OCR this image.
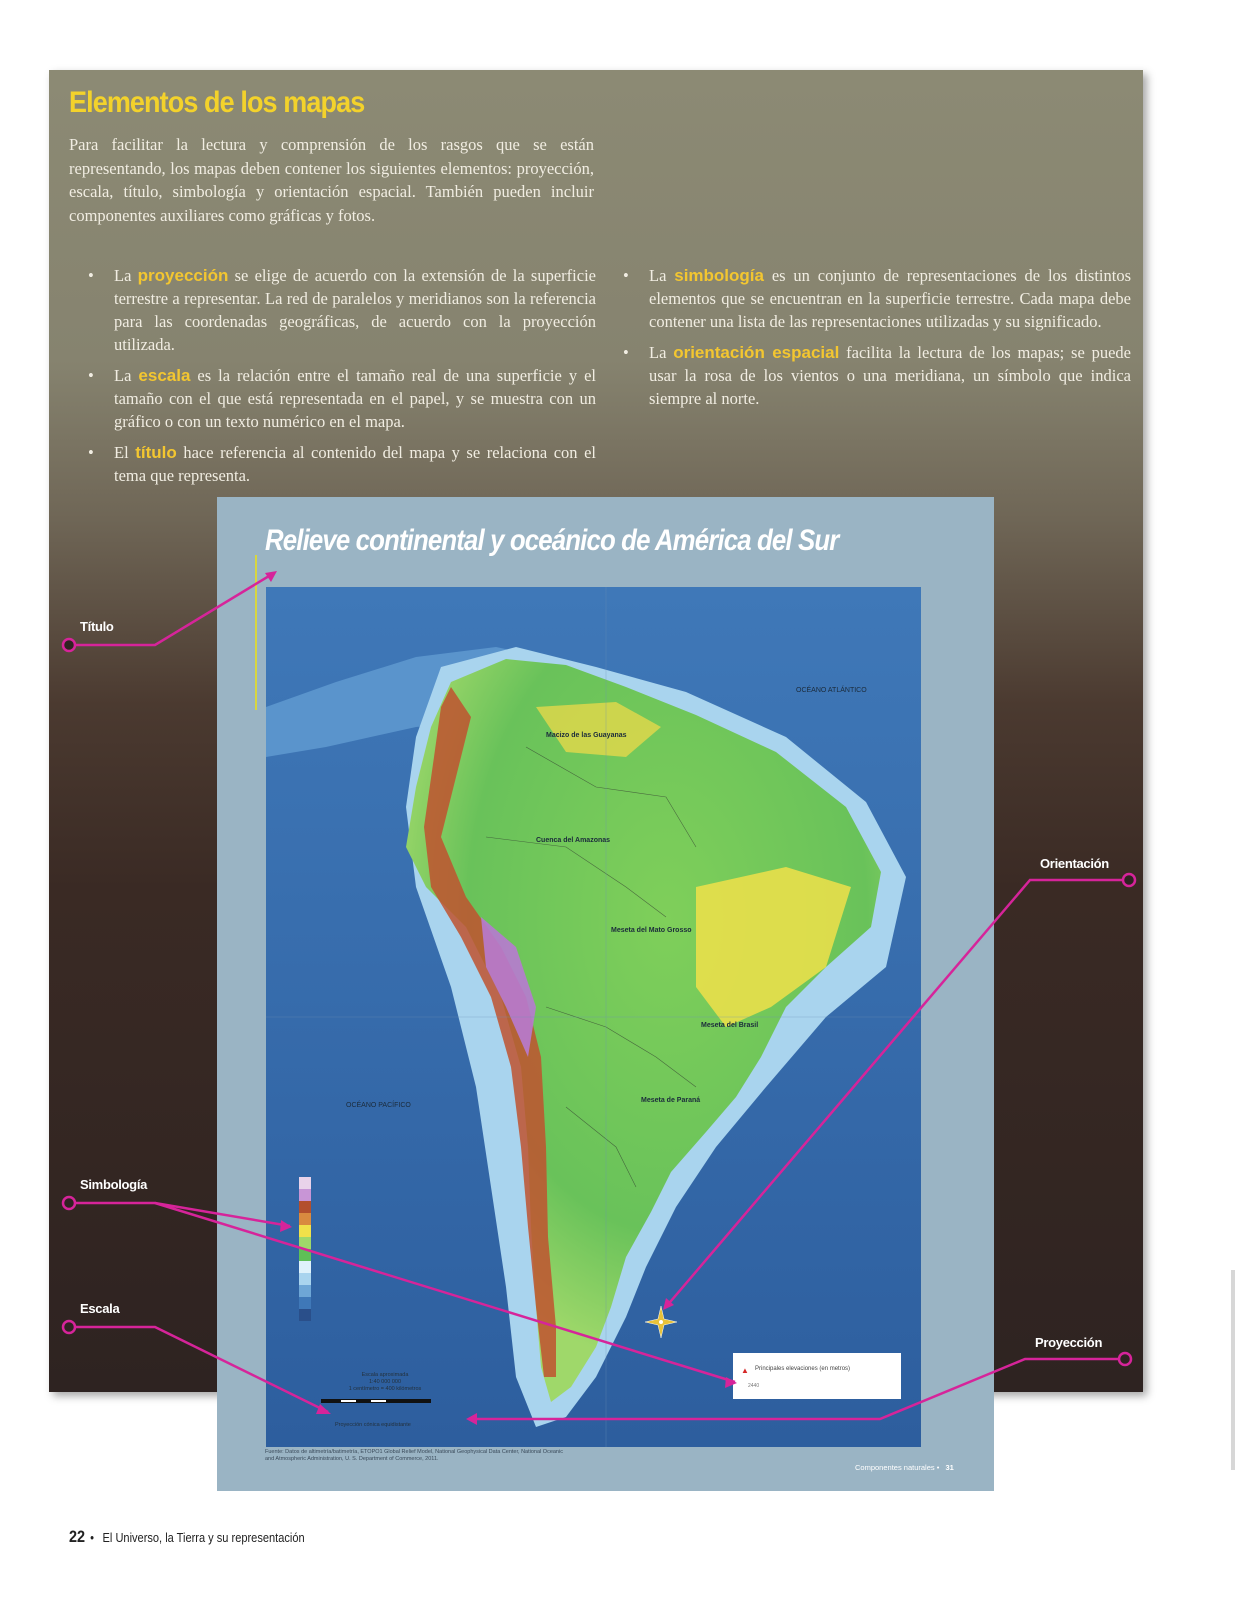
Elementos de los mapas

Para facilitar la lectura y comprensión de los rasgos que se están representando, los mapas deben contener los siguientes elementos: proyección, escala, título, simbología y orientación espacial. También pueden incluir componentes auxiliares como gráficas y fotos.

• La proyección se elige de acuerdo con la extensión de la superficie terrestre a representar. La red de paralelos y meridianos son la referencia para las coordenadas geográficas, de acuerdo con la proyección utilizada.
• La escala es la relación entre el tamaño real de una superficie y el tamaño con el que está representada en el papel, y se muestra con un gráfico o con un texto numérico en el mapa.
• El título hace referencia al contenido del mapa y se relaciona con el tema que representa.
• La simbología es un conjunto de representaciones de los distintos elementos que se encuentran en la superficie terrestre. Cada mapa debe contener una lista de las representaciones utilizadas y su significado.
• La orientación espacial facilita la lectura de los mapas; se puede usar la rosa de los vientos o una meridiana, un símbolo que indica siempre al norte.
Relieve continental y oceánico de América del Sur
OCÉANO ATLÁNTICO
OCÉANO PACÍFICO
Cuenca del Amazonas
Meseta del Mato Grosso
Meseta del Brasil
Meseta de Paraná
Macizo de las Guayanas
▲ Principales elevaciones (en metros)
2440
Escala aproximada
1:40 000 000
1 centímetro = 400 kilómetros
Proyección cónica equidistante

Fuente: Datos de altimetría/batimetría, ETOPO1 Global Relief Model, National Geophysical Data Center, National Oceanic and Atmospheric Administration, U. S. Department of Commerce, 2011.

Componentes naturales • 31
Título
Simbología
Escala
Orientación
Proyección
22 • El Universo, la Tierra y su representación
